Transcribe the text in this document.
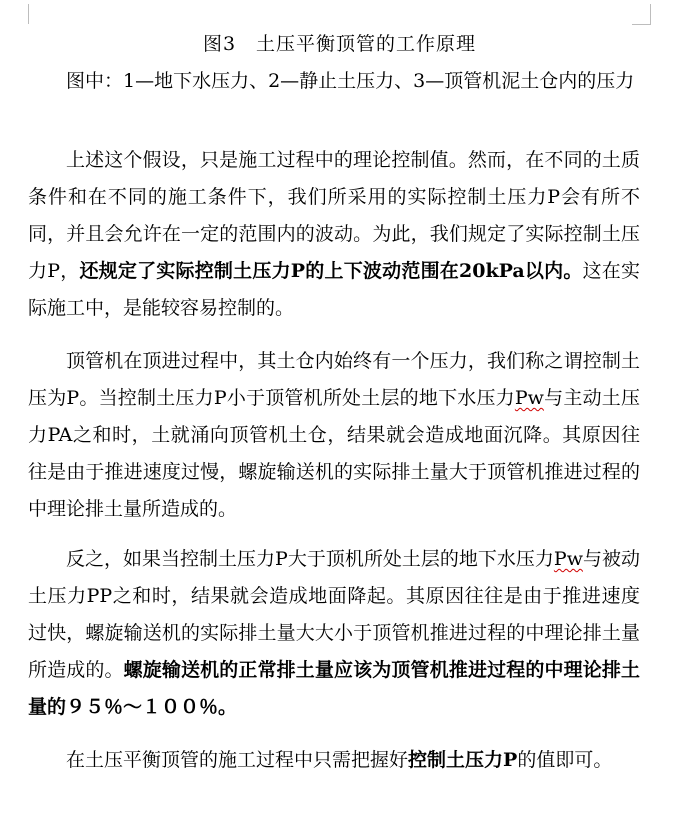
图3　土压平衡顶管的工作原理
图中：1—地下水压力、2—静止土压力、3—顶管机泥土仓内的压力
上述这个假设，只是施工过程中的理论控制值。然而，在不同的土质条件和在不同的施工条件下，我们所采用的实际控制土压力P会有所不同，并且会允许在一定的范围内的波动。为此，我们规定了实际控制土压力P，还规定了实际控制土压力P的上下波动范围在20kPa以内。这在实际施工中，是能较容易控制的。
顶管机在顶进过程中，其土仓内始终有一个压力，我们称之谓控制土压为P。当控制土压力P小于顶管机所处土层的地下水压力Pw与主动土压力PA之和时，土就涌向顶管机土仓，结果就会造成地面沉降。其原因往往是由于推进速度过慢，螺旋输送机的实际排土量大于顶管机推进过程的中理论排土量所造成的。
反之，如果当控制土压力P大于顶机所处土层的地下水压力Pw与被动土压力PP之和时，结果就会造成地面降起。其原因往往是由于推进速度过快，螺旋输送机的实际排土量大大小于顶管机推进过程的中理论排土量所造成的。螺旋输送机的正常排土量应该为顶管机推进过程的中理论排土量的９５％～１００％。
在土压平衡顶管的施工过程中只需把握好控制土压力P的值即可。
